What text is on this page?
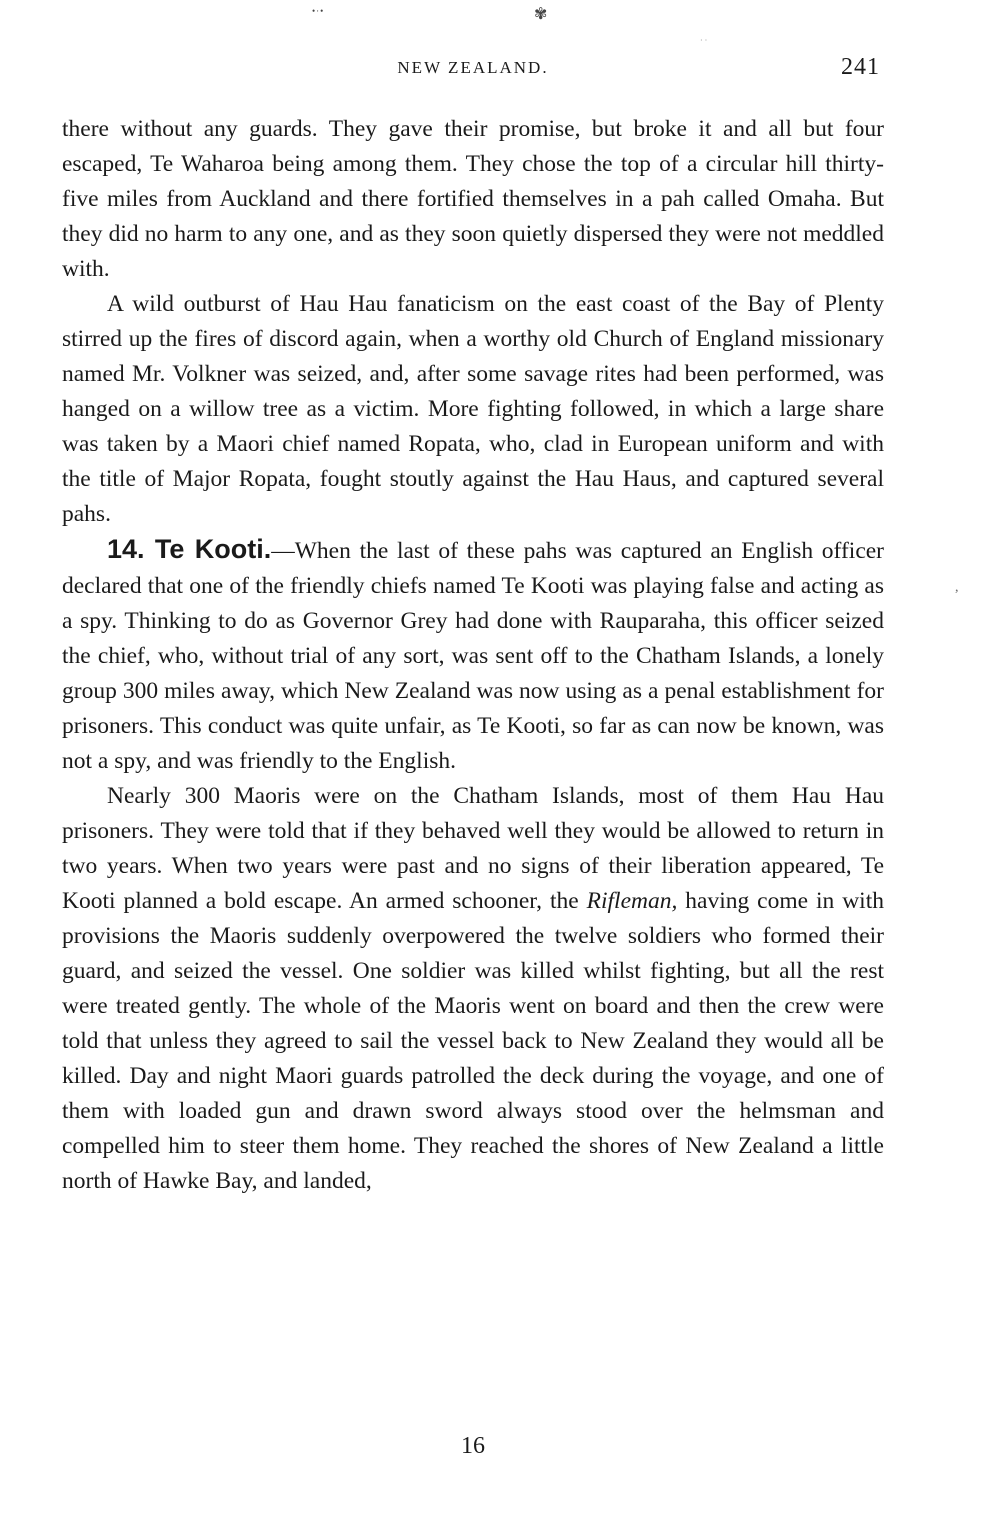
•·•	✾
· ·
,
NEW ZEALAND.	241

there without any guards. They gave their promise, but broke it and all but four escaped, Te Waharoa being among them. They chose the top of a circular hill thirty-five miles from Auckland and there fortified themselves in a pah called Omaha. But they did no harm to any one, and as they soon quietly dispersed they were not meddled with.

A wild outburst of Hau Hau fanaticism on the east coast of the Bay of Plenty stirred up the fires of discord again, when a worthy old Church of England missionary named Mr. Volkner was seized, and, after some savage rites had been performed, was hanged on a willow tree as a victim. More fighting followed, in which a large share was taken by a Maori chief named Ropata, who, clad in European uniform and with the title of Major Ropata, fought stoutly against the Hau Haus, and captured several pahs.

14. Te Kooti.—When the last of these pahs was captured an English officer declared that one of the friendly chiefs named Te Kooti was playing false and acting as a spy. Thinking to do as Governor Grey had done with Rauparaha, this officer seized the chief, who, without trial of any sort, was sent off to the Chatham Islands, a lonely group 300 miles away, which New Zealand was now using as a penal establishment for prisoners. This conduct was quite unfair, as Te Kooti, so far as can now be known, was not a spy, and was friendly to the English.

Nearly 300 Maoris were on the Chatham Islands, most of them Hau Hau prisoners. They were told that if they behaved well they would be allowed to return in two years. When two years were past and no signs of their liberation appeared, Te Kooti planned a bold escape. An armed schooner, the Rifleman, having come in with provisions the Maoris suddenly overpowered the twelve soldiers who formed their guard, and seized the vessel. One soldier was killed whilst fighting, but all the rest were treated gently. The whole of the Maoris went on board and then the crew were told that unless they agreed to sail the vessel back to New Zealand they would all be killed. Day and night Maori guards patrolled the deck during the voyage, and one of them with loaded gun and drawn sword always stood over the helmsman and compelled him to steer them home. They reached the shores of New Zealand a little north of Hawke Bay, and landed,

16
